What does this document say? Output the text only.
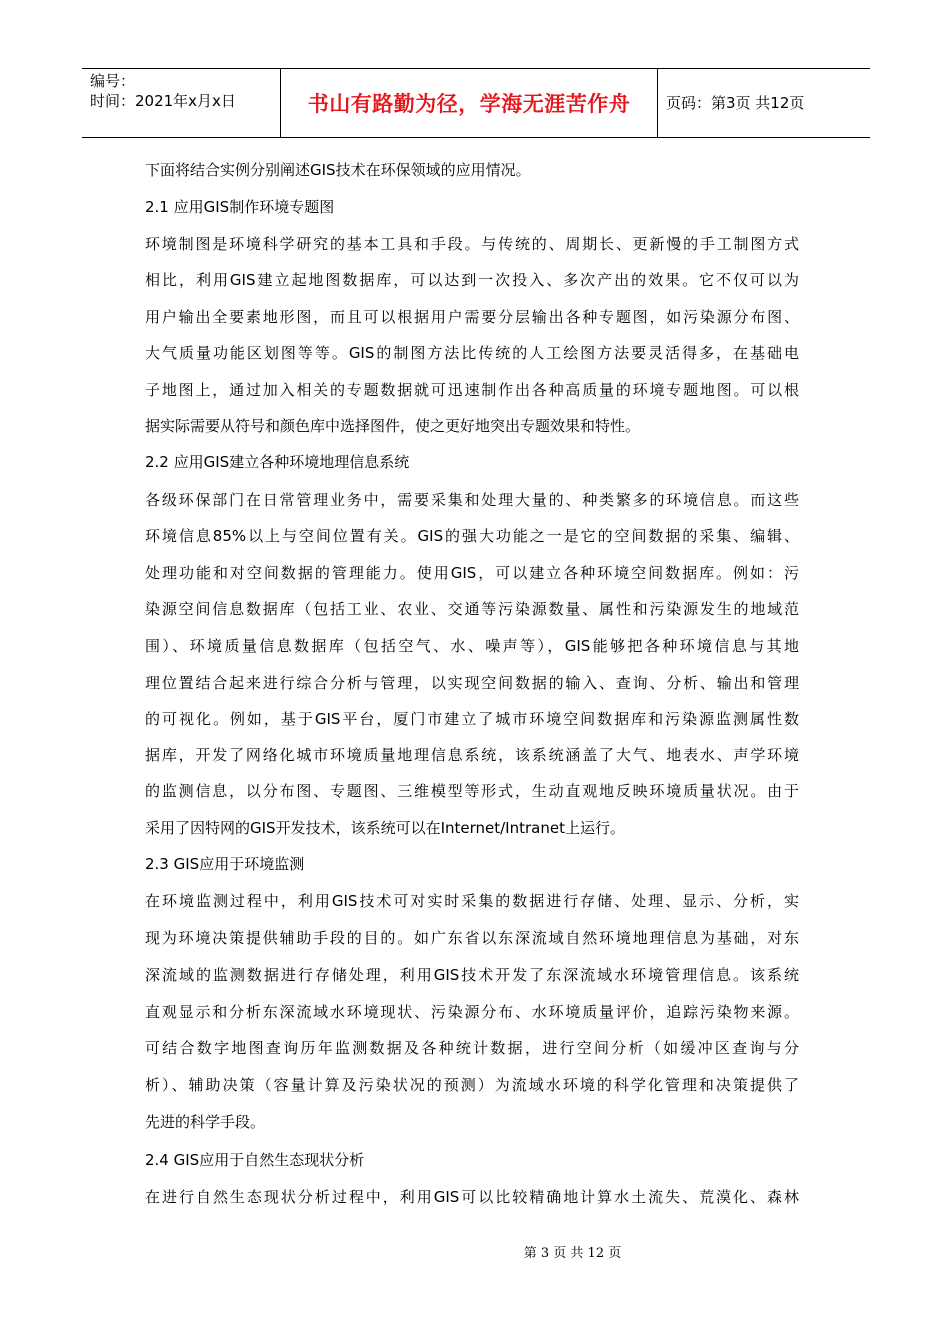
编号：
时间：2021年x月x日	书山有路勤为径，学海无涯苦作舟	页码：第3页 共12页
下面将结合实例分别阐述GIS技术在环保领域的应用情况。
2.1 应用GIS制作环境专题图
环境制图是环境科学研究的基本工具和手段。与传统的、周期长、更新慢的手工制图方式
相比，利用GIS建立起地图数据库，可以达到一次投入、多次产出的效果。它不仅可以为
用户输出全要素地形图，而且可以根据用户需要分层输出各种专题图，如污染源分布图、
大气质量功能区划图等等。GIS的制图方法比传统的人工绘图方法要灵活得多，在基础电
子地图上，通过加入相关的专题数据就可迅速制作出各种高质量的环境专题地图。可以根
据实际需要从符号和颜色库中选择图件，使之更好地突出专题效果和特性。
2.2 应用GIS建立各种环境地理信息系统
各级环保部门在日常管理业务中，需要采集和处理大量的、种类繁多的环境信息。而这些
环境信息85%以上与空间位置有关。GIS的强大功能之一是它的空间数据的采集、编辑、
处理功能和对空间数据的管理能力。使用GIS，可以建立各种环境空间数据库。例如：污
染源空间信息数据库（包括工业、农业、交通等污染源数量、属性和污染源发生的地域范
围）、环境质量信息数据库（包括空气、水、噪声等），GIS能够把各种环境信息与其地
理位置结合起来进行综合分析与管理，以实现空间数据的输入、查询、分析、输出和管理
的可视化。例如，基于GIS平台，厦门市建立了城市环境空间数据库和污染源监测属性数
据库，开发了网络化城市环境质量地理信息系统，该系统涵盖了大气、地表水、声学环境
的监测信息，以分布图、专题图、三维模型等形式，生动直观地反映环境质量状况。由于
采用了因特网的GIS开发技术，该系统可以在Internet/Intranet上运行。
2.3 GIS应用于环境监测
在环境监测过程中，利用GIS技术可对实时采集的数据进行存储、处理、显示、分析，实
现为环境决策提供辅助手段的目的。如广东省以东深流域自然环境地理信息为基础，对东
深流域的监测数据进行存储处理，利用GIS技术开发了东深流域水环境管理信息。该系统
直观显示和分析东深流域水环境现状、污染源分布、水环境质量评价，追踪污染物来源。
可结合数字地图查询历年监测数据及各种统计数据，进行空间分析（如缓冲区查询与分
析）、辅助决策（容量计算及污染状况的预测）为流域水环境的科学化管理和决策提供了
先进的科学手段。
2.4 GIS应用于自然生态现状分析
在进行自然生态现状分析过程中，利用GIS可以比较精确地计算水土流失、荒漠化、森林
第 3 页 共 12 页
